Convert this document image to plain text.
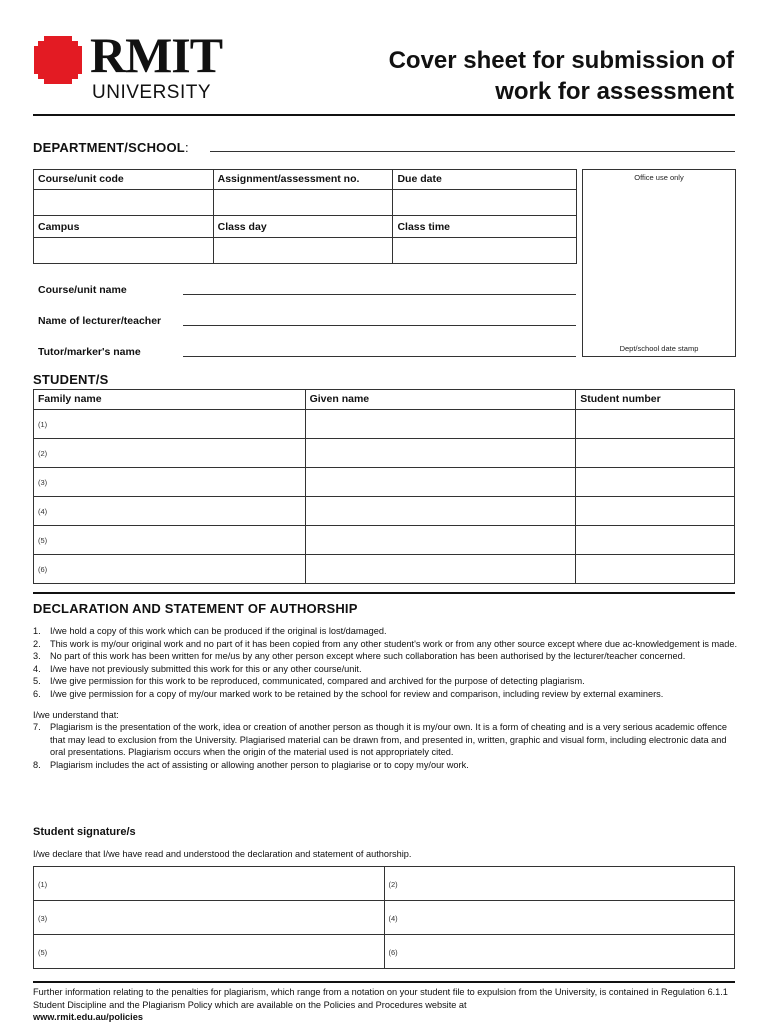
RMIT
UNIVERSITY
Cover sheet for submission of
work for assessment
DEPARTMENT/SCHOOL:
Course/unit code	Assignment/assessment no.	Due date

Campus	Class day	Class time

Office use only
Dept/school date stamp
Course/unit name
Name of lecturer/teacher
Tutor/marker's name
STUDENT/S
Family name	Given name	Student number
(1)		
(2)		
(3)		
(4)		
(5)		
(6)		
DECLARATION AND STATEMENT OF AUTHORSHIP
1.	I/we hold a copy of this work which can be produced if the original is lost/damaged.
2.	This work is my/our original work and no part of it has been copied from any other student's work or from any other source except where due ac-knowledgement is made.
3.	No part of this work has been written for me/us by any other person except where such collaboration has been authorised by the lecturer/teacher concerned.
4.	I/we have not previously submitted this work for this or any other course/unit.
5.	I/we give permission for this work to be reproduced, communicated, compared and archived for the purpose of detecting plagiarism.
6.	I/we give permission for a copy of my/our marked work to be retained by the school for review and comparison, including review by external examiners.
I/we understand that:
7.	Plagiarism is the presentation of the work, idea or creation of another person as though it is my/our own. It is a form of cheating and is a very serious academic offence that may lead to exclusion from the University. Plagiarised material can be drawn from, and presented in, written, graphic and visual form, including electronic data and oral presentations. Plagiarism occurs when the origin of the material used is not appropriately cited.
8.	Plagiarism includes the act of assisting or allowing another person to plagiarise or to copy my/our work.
Student signature/s
I/we declare that I/we have read and understood the declaration and statement of authorship.
(1)	(2)
(3)	(4)
(5)	(6)
Further information relating to the penalties for plagiarism, which range from a notation on your student file to expulsion from the University, is contained in Regulation 6.1.1 Student Discipline and the Plagiarism Policy which are available on the Policies and Procedures website at
www.rmit.edu.au/policies
